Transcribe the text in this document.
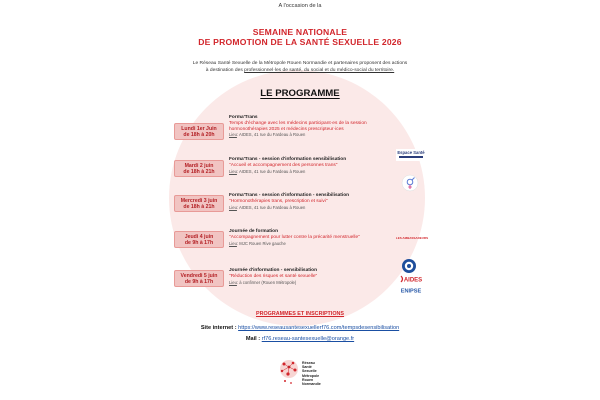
A l'occasion de la
SEMAINE NATIONALE
DE PROMOTION DE LA SANTÉ SEXUELLE 2026
Le Réseau Santé Sexuelle de la Métropole Rouen Normandie et partenaires proposent des actions
à destination des professionnel·les de santé, du social et du médico-social du territoire.
LE PROGRAMME
Lundi 1er Juin
de 18h à 20h
Forma'Trans
Temps d'échange avec les médecins participant·es de la session hormonothérapies 2025 et médecins prescripteur·ices
Lieu: AIDES, 41 rue du Fardeau à Rouen
Mardi 2 juin
de 18h à 21h
Forma'Trans - session d'information sensibilisation
"Accueil et accompagnement des personnes trans"
Lieu: AIDES, 41 rue du Fardeau à Rouen
Mercredi 3 juin
de 18h à 21h
Forma'Trans - session d'information - sensibilisation
"Hormonothérapies trans, prescription et suivi"
Lieu: AIDES, 41 rue du Fardeau à Rouen
Jeudi 4 juin
de 9h à 17h
Journée de formation
"Accompagnement pour lutter contre la précarité menstruelle"
Lieu: MJC Rouen Rive gauche
Vendredi 5 juin
de 9h à 17h
Journée d'information - sensibilisation
"Réduction des risques et santé sexuelle"
Lieu: à confirmer (Rouen Métropole)
Espace Santé
LES AMBASSADEURS
AIDES
ENIPSE
PROGRAMMES ET INSCRIPTIONS
Site internet : https://www.reseausantesexuellerf76.com/tempsdesensibilisation
Mail : rf76.reseau-santesexuelle@orange.fr
Réseau
Santé
Sexuelle
Métropole
Rouen
Normandie
